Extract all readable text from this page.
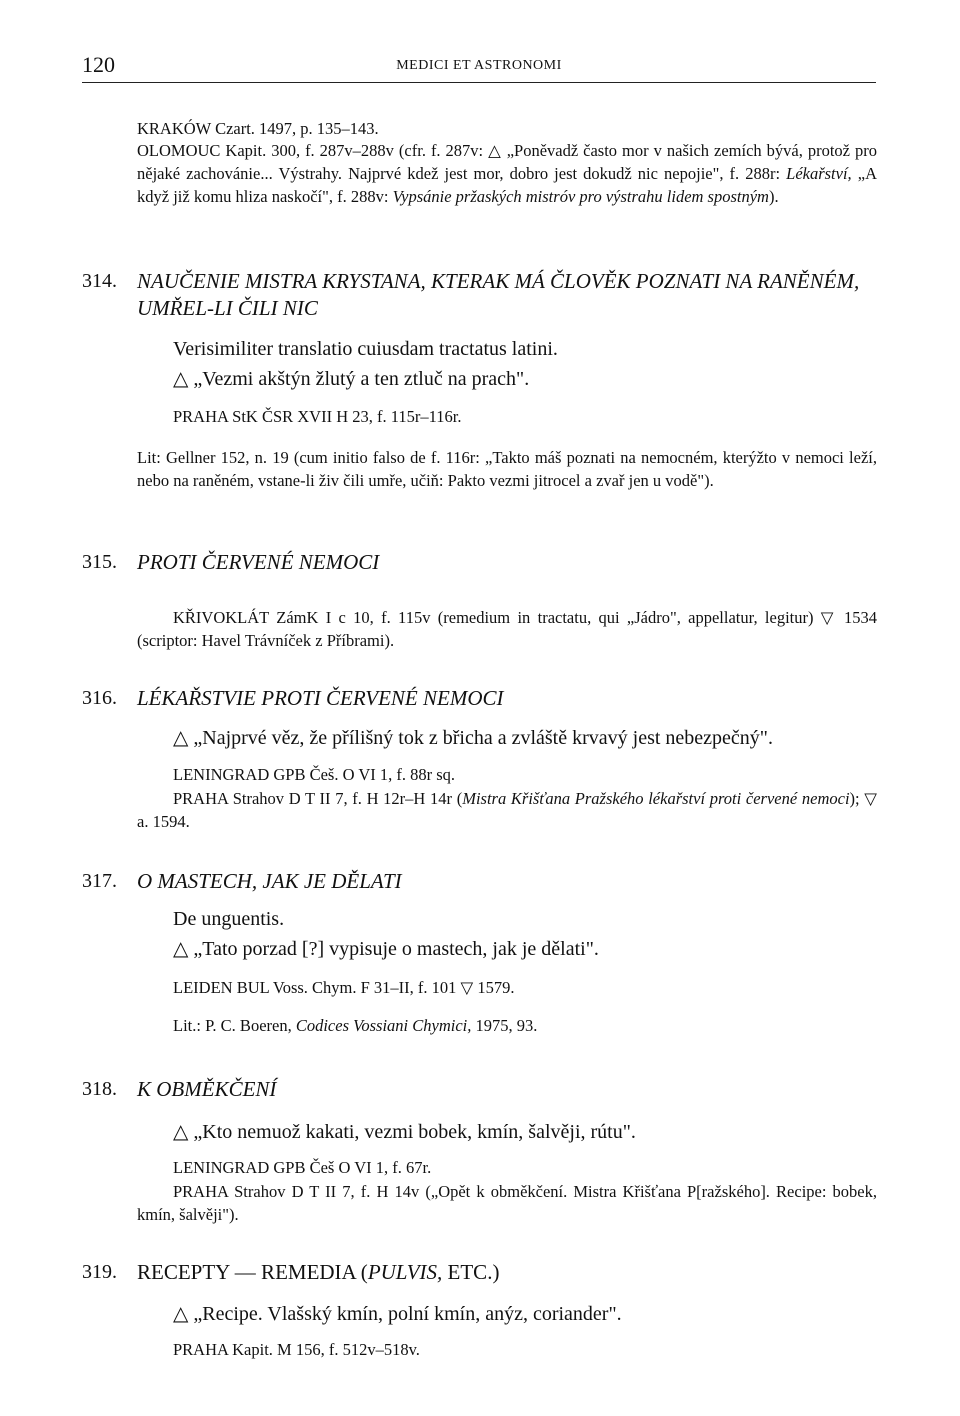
120	MEDICI ET ASTRONOMI

KRAKÓW Czart. 1497, p. 135–143.

OLOMOUC Kapit. 300, f. 287v–288v (cfr. f. 287v: △ „Poněvadž často mor v našich zemích bývá, protož pro nějaké zachovánie... Výstrahy. Najprvé kdež jest mor, dobro jest dokudž nic nepojie", f. 288r: Lékařství, „A když již komu hliza naskočí", f. 288v: Vypsánie pržaských mistróv pro výstrahu lidem spostným).

314. NAUČENIE MISTRA KRYSTANA, KTERAK MÁ ČLOVĚK POZNATI NA RANĚNÉM, UMŘEL-LI ČILI NIC

Verisimiliter translatio cuiusdam tractatus latini.

△ „Vezmi akštýn žlutý a ten ztluč na prach".

PRAHA StK ČSR XVII H 23, f. 115r–116r.

Lit: Gellner 152, n. 19 (cum initio falso de f. 116r: „Takto máš poznati na nemocném, kterýžto v nemoci leží, nebo na raněném, vstane-li živ čili umře, učiň: Pakto vezmi jitrocel a zvař jen u vodě").

315. PROTI ČERVENÉ NEMOCI

KŘIVOKLÁT ZámK I c 10, f. 115v (remedium in tractatu, qui „Jádro", appellatur, legitur) ▽ 1534 (scriptor: Havel Trávníček z Příbrami).

316. LÉKAŘSTVIE PROTI ČERVENÉ NEMOCI

△ „Najprvé věz, že přílišný tok z břicha a zvláště krvavý jest nebezpečný".

LENINGRAD GPB Češ. O VI 1, f. 88r sq.

PRAHA Strahov D T II 7, f. H 12r–H 14r (Mistra Křišťana Pražského lékařství proti červené nemoci); ▽ a. 1594.

317. O MASTECH, JAK JE DĚLATI

De unguentis.

△ „Tato porzad [?] vypisuje o mastech, jak je dělati".

LEIDEN BUL Voss. Chym. F 31–II, f. 101 ▽ 1579.

Lit.: P. C. Boeren, Codices Vossiani Chymici, 1975, 93.

318. K OBMĚKČENÍ

△ „Kto nemuož kakati, vezmi bobek, kmín, šalvěji, rútu".

LENINGRAD GPB Češ O VI 1, f. 67r.

PRAHA Strahov D T II 7, f. H 14v („Opět k obměkčení. Mistra Křišťana P[ražského]. Recipe: bobek, kmín, šalvěji").

319. RECEPTY — REMEDIA (PULVIS, ETC.)

△ „Recipe. Vlašský kmín, polní kmín, anýz, coriander".

PRAHA Kapit. M 156, f. 512v–518v.
